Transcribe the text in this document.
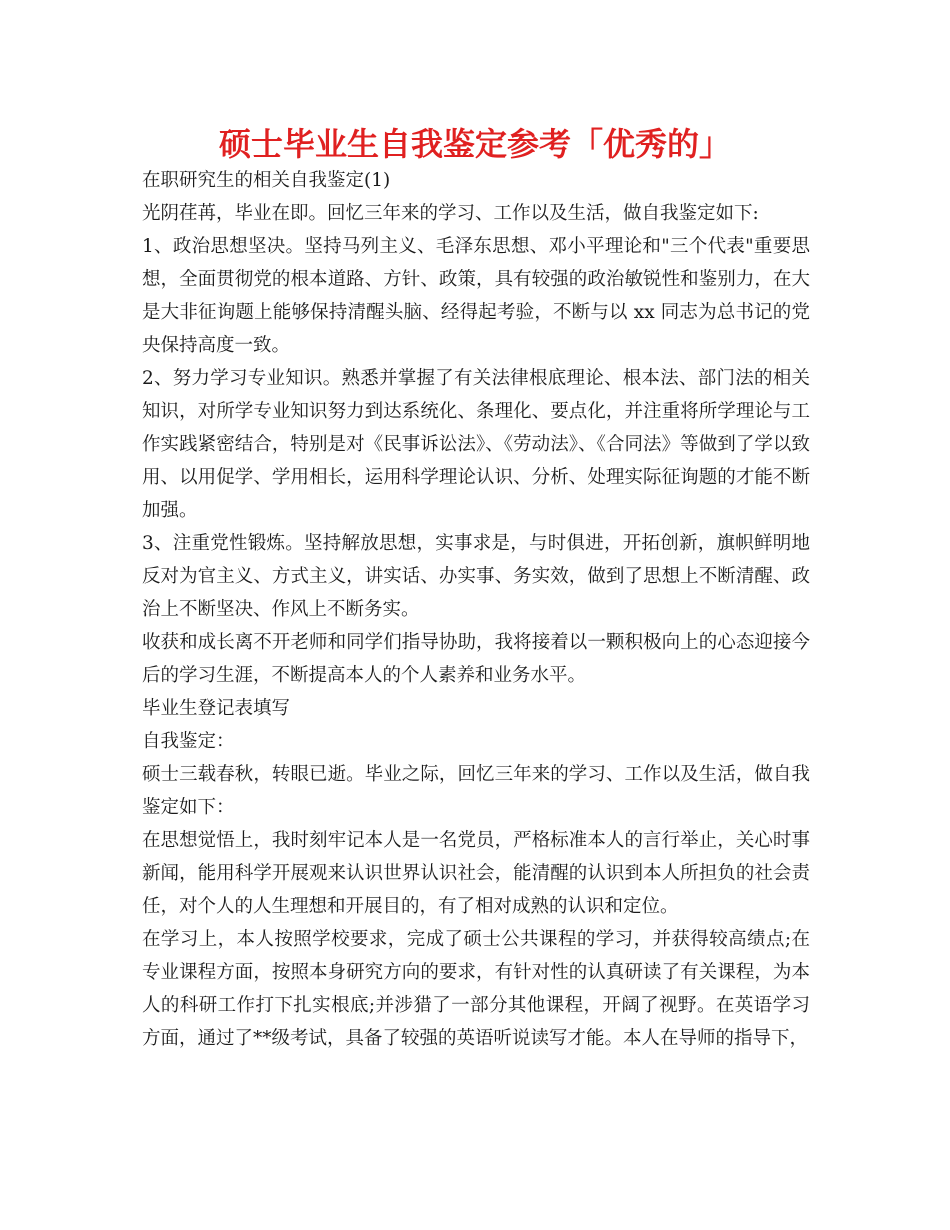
硕士毕业生自我鉴定参考「优秀的」

在职研究生的相关自我鉴定(1)

光阴荏苒，毕业在即。回忆三年来的学习、工作以及生活，做自我鉴定如下:

1、政治思想坚决。坚持马列主义、毛泽东思想、邓小平理论和"三个代表"重要思想，全面贯彻党的根本道路、方针、政策，具有较强的政治敏锐性和鉴别力，在大是大非征询题上能够保持清醒头脑、经得起考验，不断与以 xx 同志为总书记的党央保持高度一致。

2、努力学习专业知识。熟悉并掌握了有关法律根底理论、根本法、部门法的相关知识，对所学专业知识努力到达系统化、条理化、要点化，并注重将所学理论与工作实践紧密结合，特别是对《民事诉讼法》、《劳动法》、《合同法》等做到了学以致用、以用促学、学用相长，运用科学理论认识、分析、处理实际征询题的才能不断加强。

3、注重党性锻炼。坚持解放思想，实事求是，与时俱进，开拓创新，旗帜鲜明地反对为官主义、方式主义，讲实话、办实事、务实效，做到了思想上不断清醒、政治上不断坚决、作风上不断务实。

收获和成长离不开老师和同学们指导协助，我将接着以一颗积极向上的心态迎接今后的学习生涯，不断提高本人的个人素养和业务水平。

毕业生登记表填写

自我鉴定：

硕士三载春秋，转眼已逝。毕业之际，回忆三年来的学习、工作以及生活，做自我鉴定如下：

在思想觉悟上，我时刻牢记本人是一名党员，严格标准本人的言行举止，关心时事新闻，能用科学开展观来认识世界认识社会，能清醒的认识到本人所担负的社会责任，对个人的人生理想和开展目的，有了相对成熟的认识和定位。

在学习上，本人按照学校要求，完成了硕士公共课程的学习，并获得较高绩点;在专业课程方面，按照本身研究方向的要求，有针对性的认真研读了有关课程，为本人的科研工作打下扎实根底;并涉猎了一部分其他课程，开阔了视野。在英语学习方面，通过了**级考试，具备了较强的英语听说读写才能。本人在导师的指导下，
